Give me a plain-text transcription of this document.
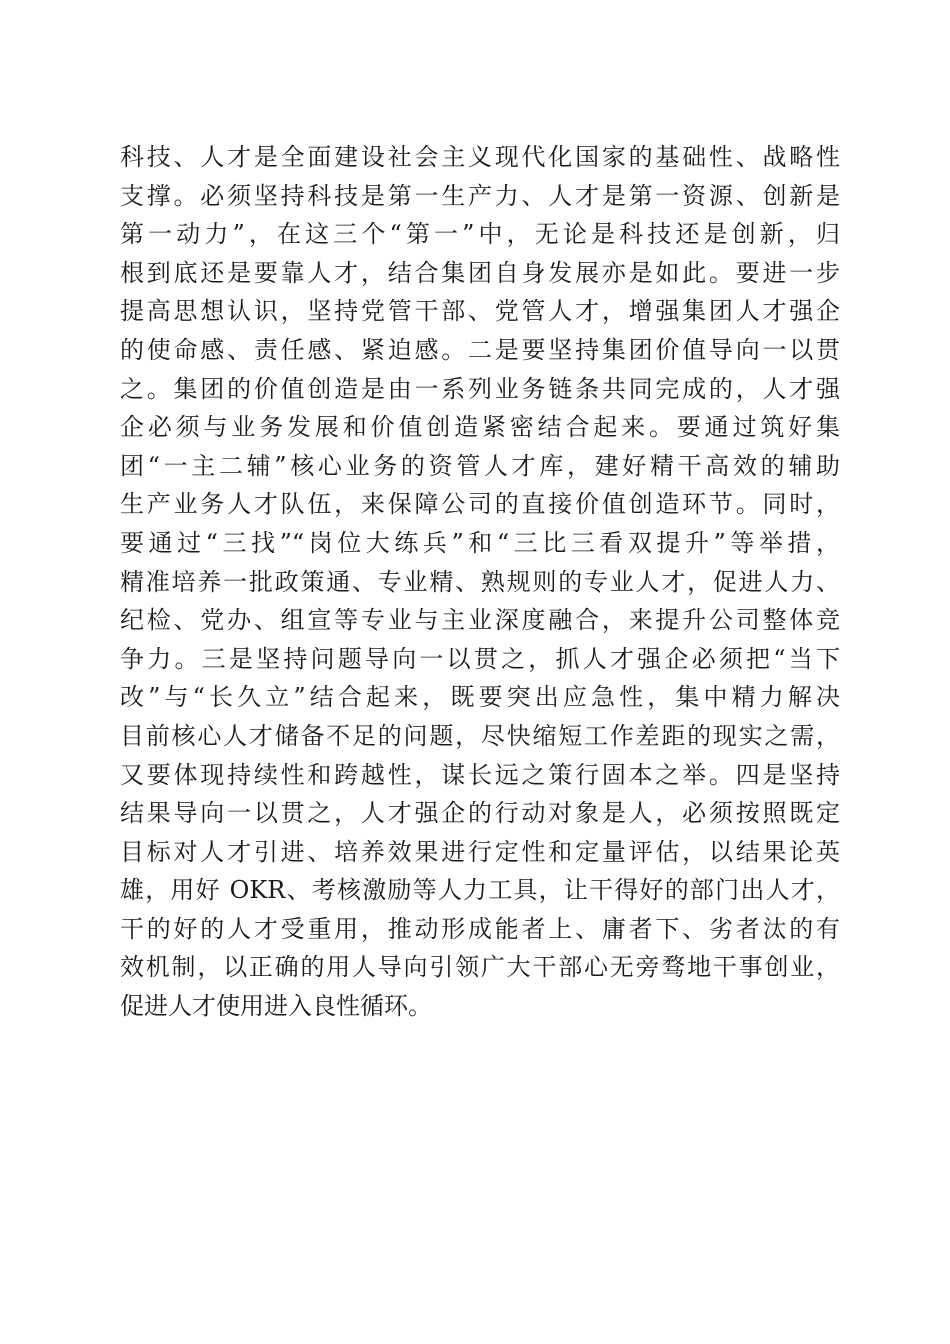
科技、人才是全面建设社会主义现代化国家的基础性、战略性
支撑。必须坚持科技是第一生产力、人才是第一资源、创新是
第一动力”，在这三个“第一”中，无论是科技还是创新，归
根到底还是要靠人才，结合集团自身发展亦是如此。要进一步
提高思想认识，坚持党管干部、党管人才，增强集团人才强企
的使命感、责任感、紧迫感。二是要坚持集团价值导向一以贯
之。集团的价值创造是由一系列业务链条共同完成的，人才强
企必须与业务发展和价值创造紧密结合起来。要通过筑好集
团“一主二辅”核心业务的资管人才库，建好精干高效的辅助
生产业务人才队伍，来保障公司的直接价值创造环节。同时，
要通过“三找”“岗位大练兵”和“三比三看双提升”等举措，
精准培养一批政策通、专业精、熟规则的专业人才，促进人力、
纪检、党办、组宣等专业与主业深度融合，来提升公司整体竞
争力。三是坚持问题导向一以贯之，抓人才强企必须把“当下
改”与“长久立”结合起来，既要突出应急性，集中精力解决
目前核心人才储备不足的问题，尽快缩短工作差距的现实之需，
又要体现持续性和跨越性，谋长远之策行固本之举。四是坚持
结果导向一以贯之，人才强企的行动对象是人，必须按照既定
目标对人才引进、培养效果进行定性和定量评估，以结果论英
雄，用好 OKR、考核激励等人力工具，让干得好的部门出人才，
干的好的人才受重用，推动形成能者上、庸者下、劣者汰的有
效机制，以正确的用人导向引领广大干部心无旁骛地干事创业，
促进人才使用进入良性循环。
